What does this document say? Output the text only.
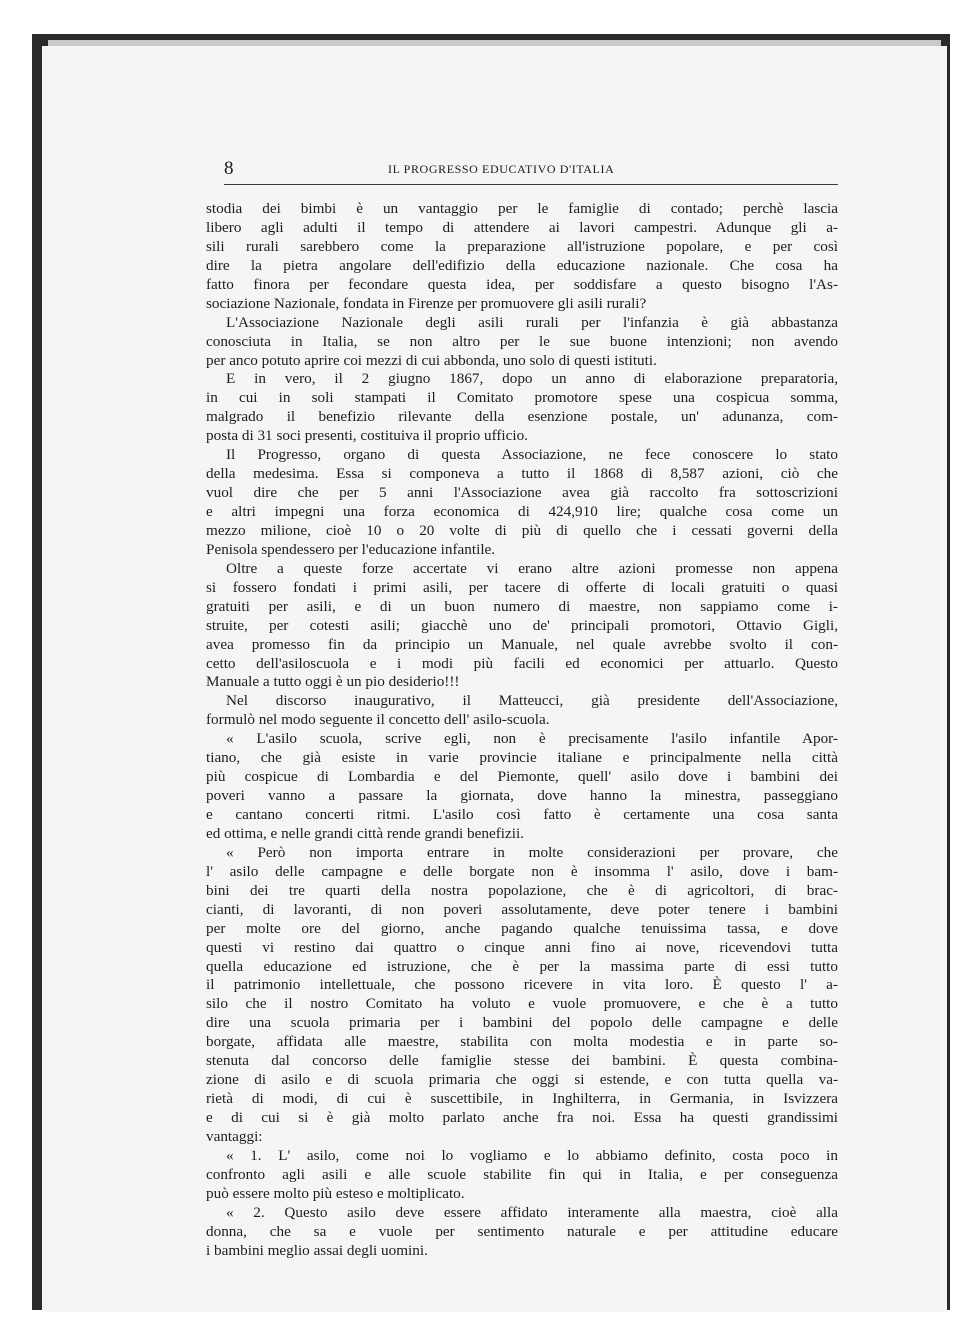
8	IL PROGRESSO EDUCATIVO D'ITALIA
stodia dei bimbi è un vantaggio per le famiglie di contado; perchè lascia
libero agli adulti il tempo di attendere ai lavori campestri. Adunque gli a-
sili rurali sarebbero come la preparazione all'istruzione popolare, e per così
dire la pietra angolare dell'edifizio della educazione nazionale. Che cosa ha
fatto finora per fecondare questa idea, per soddisfare a questo bisogno l'As-
sociazione Nazionale, fondata in Firenze per promuovere gli asili rurali?
L'Associazione Nazionale degli asili rurali per l'infanzia è già abbastanza
conosciuta in Italia, se non altro per le sue buone intenzioni; non avendo
per anco potuto aprire coi mezzi di cui abbonda, uno solo di questi istituti.
E in vero, il 2 giugno 1867, dopo un anno di elaborazione preparatoria,
in cui in soli stampati il Comitato promotore spese una cospicua somma,
malgrado il benefizio rilevante della esenzione postale, un' adunanza, com-
posta di 31 soci presenti, costituiva il proprio ufficio.
Il Progresso, organo di questa Associazione, ne fece conoscere lo stato
della medesima. Essa si componeva a tutto il 1868 di 8,587 azioni, ciò che
vuol dire che per 5 anni l'Associazione avea già raccolto fra sottoscrizioni
e altri impegni una forza economica di 424,910 lire; qualche cosa come un
mezzo milione, cioè 10 o 20 volte di più di quello che i cessati governi della
Penisola spendessero per l'educazione infantile.
Oltre a queste forze accertate vi erano altre azioni promesse non appena
si fossero fondati i primi asili, per tacere di offerte di locali gratuiti o quasi
gratuiti per asili, e di un buon numero di maestre, non sappiamo come i-
struite, per cotesti asili; giacchè uno de' principali promotori, Ottavio Gigli,
avea promesso fin da principio un Manuale, nel quale avrebbe svolto il con-
cetto dell'asiloscuola e i modi più facili ed economici per attuarlo. Questo
Manuale a tutto oggi è un pio desiderio!!!
Nel discorso inaugurativo, il Matteucci, già presidente dell'Associazione,
formulò nel modo seguente il concetto dell' asilo-scuola.
« L'asilo scuola, scrive egli, non è precisamente l'asilo infantile Apor-
tiano, che già esiste in varie provincie italiane e principalmente nella città
più cospicue di Lombardia e del Piemonte, quell' asilo dove i bambini dei
poveri vanno a passare la giornata, dove hanno la minestra, passeggiano
e cantano concerti ritmi. L'asilo così fatto è certamente una cosa santa
ed ottima, e nelle grandi città rende grandi benefizii.
« Però non importa entrare in molte considerazioni per provare, che
l' asilo delle campagne e delle borgate non è insomma l' asilo, dove i bam-
bini dei tre quarti della nostra popolazione, che è di agricoltori, di brac-
cianti, di lavoranti, di non poveri assolutamente, deve poter tenere i bambini
per molte ore del giorno, anche pagando qualche tenuissima tassa, e dove
questi vi restino dai quattro o cinque anni fino ai nove, ricevendovi tutta
quella educazione ed istruzione, che è per la massima parte di essi tutto
il patrimonio intellettuale, che possono ricevere in vita loro. È questo l' a-
silo che il nostro Comitato ha voluto e vuole promuovere, e che è a tutto
dire una scuola primaria per i bambini del popolo delle campagne e delle
borgate, affidata alle maestre, stabilita con molta modestia e in parte so-
stenuta dal concorso delle famiglie stesse dei bambini. È questa combina-
zione di asilo e di scuola primaria che oggi si estende, e con tutta quella va-
rietà di modi, di cui è suscettibile, in Inghilterra, in Germania, in Isvizzera
e di cui si è già molto parlato anche fra noi. Essa ha questi grandissimi
vantaggi:
« 1. L' asilo, come noi lo vogliamo e lo abbiamo definito, costa poco in
confronto agli asili e alle scuole stabilite fin qui in Italia, e per conseguenza
può essere molto più esteso e moltiplicato.
« 2. Questo asilo deve essere affidato interamente alla maestra, cioè alla
donna, che sa e vuole per sentimento naturale e per attitudine educare
i bambini meglio assai degli uomini.
